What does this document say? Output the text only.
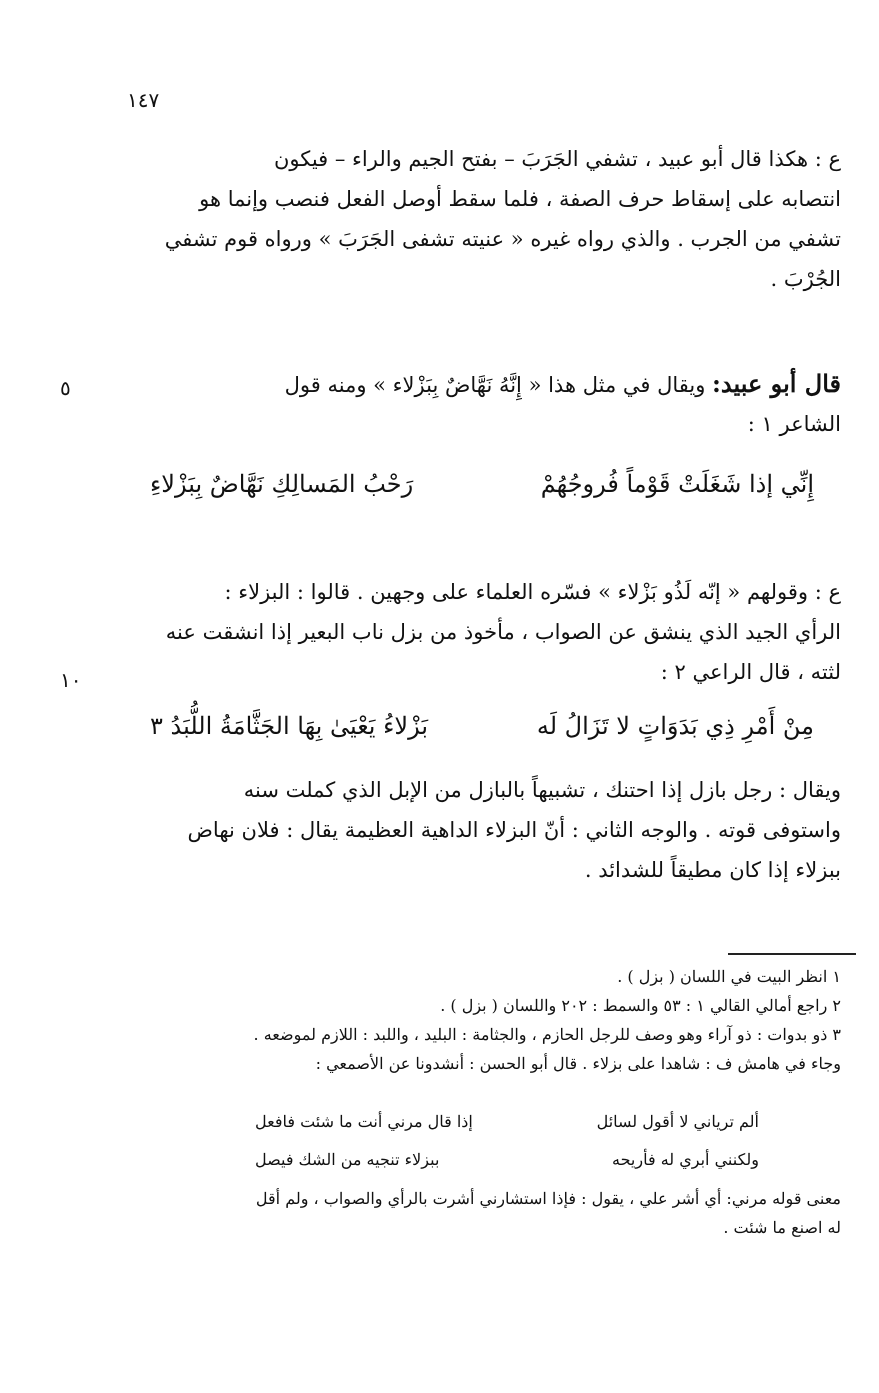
١٤٧
ع : هكذا قال أبو عبيد ، تشفي الجَرَبَ – بفتح الجيم والراء – فيكون
انتصابه على إسقاط حرف الصفة ، فلما سقط أوصل الفعل فنصب وإنما هو
تشفي من الجرب . والذي رواه غيره « عنيته تشفى الجَرَبَ » ورواه قوم تشفي
الجُرْبَ .
قال أبو عبيد: ويقال في مثل هذا « إِنَّهُ نَهَّاضٌ بِبَزْلاء » ومنه قول
الشاعر ١ :
٥
إِنِّي إذا شَغَلَتْ قَوْماً فُروجُهُمْ
رَحْبُ المَسالِكِ نَهَّاضٌ بِبَزْلاءِ
ع : وقولهم « إنّه لَذُو بَزْلاء » فسّره العلماء على وجهين . قالوا : البزلاء :
الرأي الجيد الذي ينشق عن الصواب ، مأخوذ من بزل ناب البعير إذا انشقت عنه
لثته ، قال الراعي ٢ :
١٠
مِنْ أَمْرِ ذِي بَدَوَاتٍ لا تَزَالُ لَه
بَزْلاءُ يَعْيَىٰ بِهَا الجَثَّامَةُ اللُّبَدُ ٣
ويقال : رجل بازل إذا احتنك ، تشبيهاً بالبازل من الإبل الذي كملت سنه
واستوفى قوته . والوجه الثاني : أنّ البزلاء الداهية العظيمة يقال : فلان نهاض
ببزلاء إذا كان مطيقاً للشدائد .
١ انظر البيت في اللسان ( بزل ) .
٢ راجع أمالي القالي ١ : ٥٣ والسمط : ٢٠٢ واللسان ( بزل ) .
٣ ذو بدوات : ذو آراء وهو وصف للرجل الحازم ، والجثامة : البليد ، واللبد : اللازم لموضعه .
وجاء في هامش ف : شاهدا على بزلاء . قال أبو الحسن : أنشدونا عن الأصمعي :
ألم ترياني لا أقول لسائل
إذا قال مرني أنت ما شئت فافعل
ولكنني أبري له فأريحه
ببزلاء تنجيه من الشك فيصل
معنى قوله مرني: أي أشر علي ، يقول : فإذا استشارني أشرت بالرأي والصواب ، ولم أقل
له اصنع ما شئت .
